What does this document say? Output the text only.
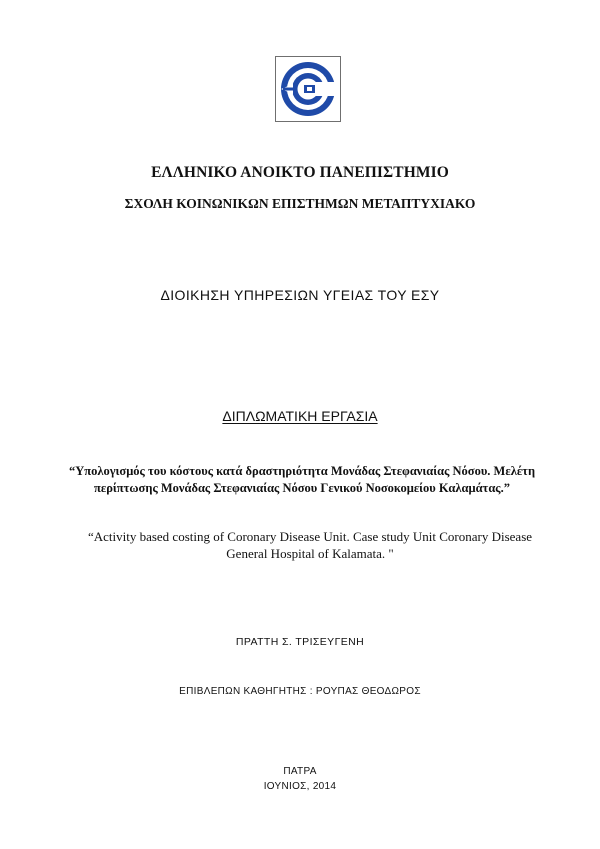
ΕΛΛΗΝΙΚΟ ΑΝΟΙΚΤΟ ΠΑΝΕΠΙΣΤΗΜΙΟ
ΣΧΟΛΗ ΚΟΙΝΩΝΙΚΩΝ ΕΠΙΣΤΗΜΩΝ ΜΕΤΑΠΤΥΧΙΑΚΟ
ΔΙΟΙΚΗΣΗ ΥΠΗΡΕΣΙΩΝ ΥΓΕΙΑΣ ΤΟΥ ΕΣΥ
ΔΙΠΛΩΜΑΤΙΚΗ ΕΡΓΑΣΙΑ
“Υπολογισμός του κόστους κατά δραστηριότητα Μονάδας Στεφανιαίας Νόσου. Μελέτη περίπτωσης Μονάδας Στεφανιαίας Νόσου Γενικού Νοσοκομείου Καλαμάτας.”
“Activity based costing of Coronary Disease Unit. Case study Unit Coronary Disease General Hospital of Kalamata. "
ΠΡΑΤΤΗ Σ. ΤΡΙΣΕΥΓΕΝΗ
ΕΠΙΒΛΕΠΩΝ ΚΑΘΗΓΗΤΗΣ : ΡΟΥΠΑΣ ΘΕΟΔΩΡΟΣ
ΠΑΤΡΑ
ΙΟΥΝΙΟΣ, 2014
